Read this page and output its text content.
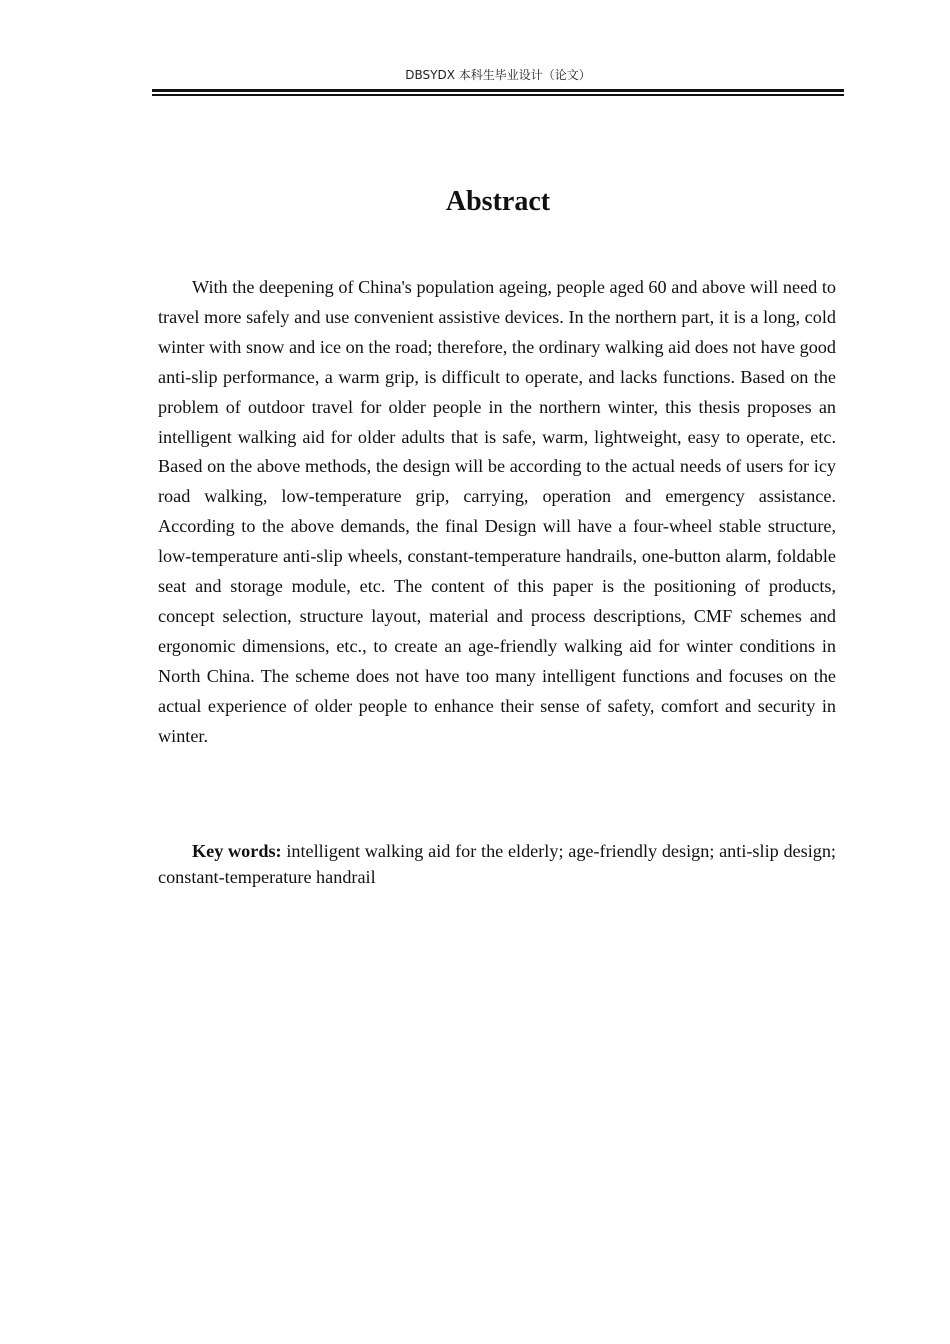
DBSYDX 本科生毕业设计（论文）
Abstract

With the deepening of China's population ageing, people aged 60 and above will need to travel more safely and use convenient assistive devices. In the northern part, it is a long, cold winter with snow and ice on the road; therefore, the ordinary walking aid does not have good anti-slip performance, a warm grip, is difficult to operate, and lacks functions. Based on the problem of outdoor travel for older people in the northern winter, this thesis proposes an intelligent walking aid for older adults that is safe, warm, lightweight, easy to operate, etc. Based on the above methods, the design will be according to the actual needs of users for icy road walking, low-temperature grip, carrying, operation and emergency assistance. According to the above demands, the final Design will have a four-wheel stable structure, low-temperature anti-slip wheels, constant-temperature handrails, one-button alarm, foldable seat and storage module, etc. The content of this paper is the positioning of products, concept selection, structure layout, material and process descriptions, CMF schemes and ergonomic dimensions, etc., to create an age-friendly walking aid for winter conditions in North China. The scheme does not have too many intelligent functions and focuses on the actual experience of older people to enhance their sense of safety, comfort and security in winter.

Key words: intelligent walking aid for the elderly; age-friendly design; anti-slip design; constant-temperature handrail
